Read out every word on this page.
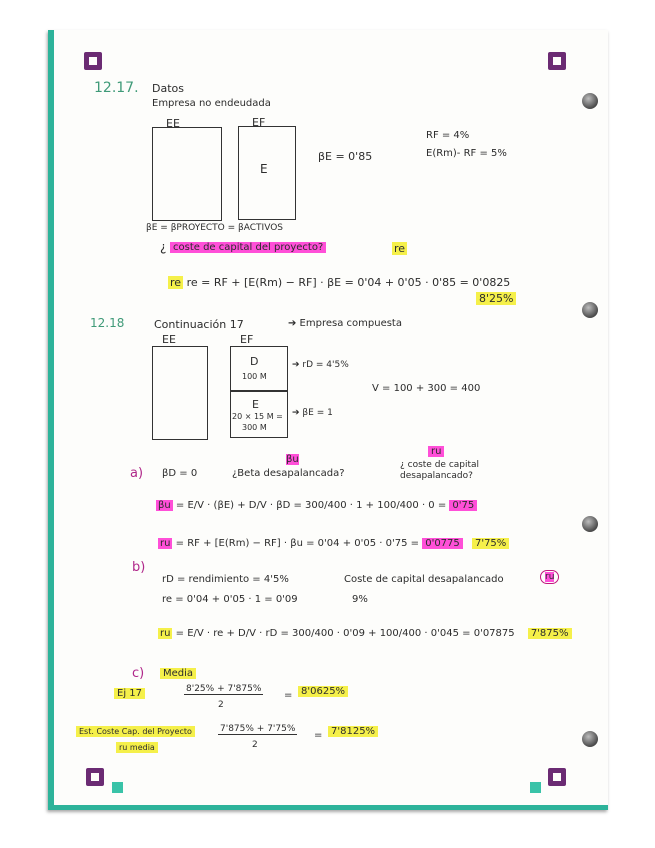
12.17. Datos
Empresa no endeudada
EE	EF
E
βE = 0'85
RF = 4%
E(Rm)- RF = 5%
βE = βPROYECTO = βACTIVOS
¿ coste de capital del proyecto?	re
re re = RF + [E(Rm) − RF] · βE = 0'04 + 0'05 · 0'85 = 0'0825
8'25%
12.18	Continuación 17	➔ Empresa compuesta
EE	EF
D
100 M
E
20 × 15 M =
300 M
➔ rD = 4'5%
➔ βE = 1
V = 100 + 300 = 400
βu
ru
a) βD = 0	¿Beta desapalancada?
¿ coste de capital desapalancado?
βu = E/V · (βE) + D/V · βD = 300/400 · 1 + 100/400 · 0 = 0'75
ru = RF + [E(Rm) − RF] · βu = 0'04 + 0'05 · 0'75 = 0'0775 7'75%
b)
rD = rendimiento = 4'5%	Coste de capital desapalancado	ru
re = 0'04 + 0'05 · 1 = 0'09	9%
ru = E/V · re + D/V · rD = 300/400 · 0'09 + 100/400 · 0'045 = 0'07875 7'875%
c)	Media
Ej 17	8'25% + 7'875%
2
= 8'0625%
Est. Coste Cap. del Proyecto
ru media
7'875% + 7'75%
2
= 7'8125%
